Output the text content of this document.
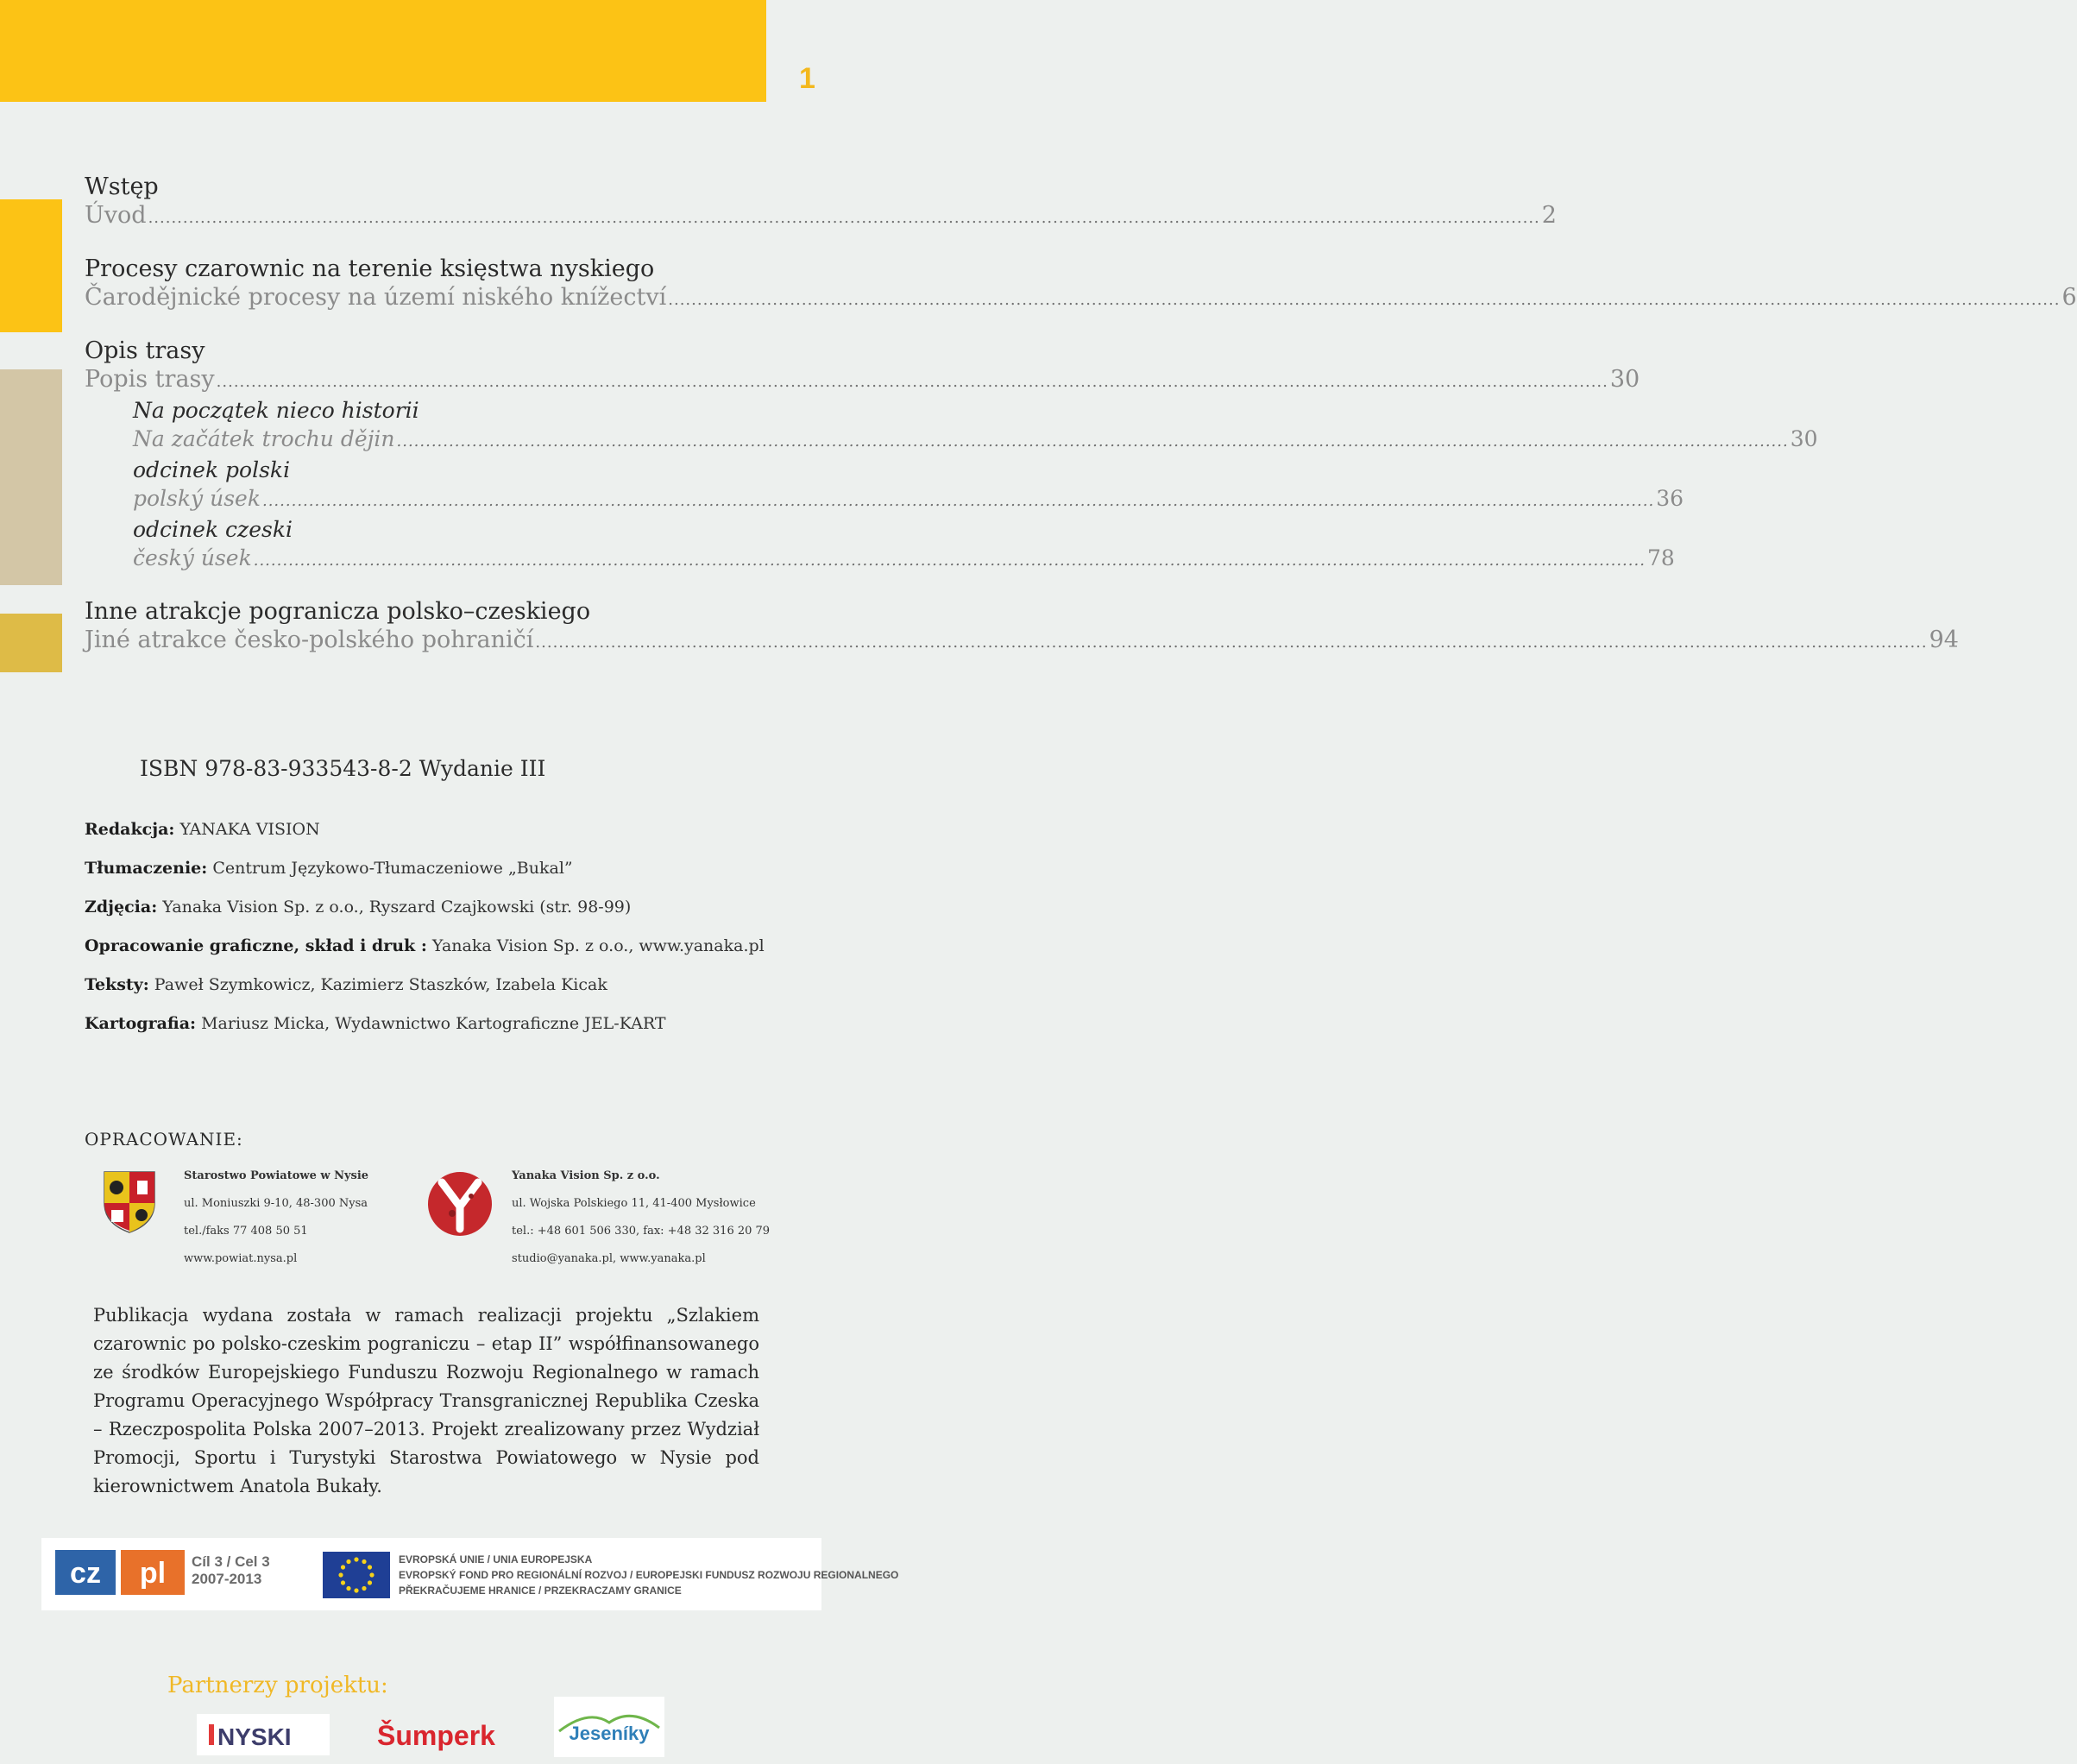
1
Wstęp
Úvod .....	2
Procesy czarownic na terenie księstwa nyskiego
Čarodějnické procesy na území niského knížectví .....	6
Opis trasy
Popis trasy .....	30
Na początek nieco historii
Na začátek trochu dějin .....	30
odcinek polski
polský úsek .....	36
odcinek czeski
český úsek .....	78
Inne atrakcje pogranicza polsko–czeskiego
Jiné atrakce česko-polského pohraničí .....	94
ISBN 978-83-933543-8-2 Wydanie III
Redakcja: YANAKA VISION
Tłumaczenie: Centrum Językowo-Tłumaczeniowe „Bukal”
Zdjęcia: Yanaka Vision Sp. z o.o., Ryszard Czajkowski (str. 98-99)
Opracowanie graficzne, skład i druk : Yanaka Vision Sp. z o.o., www.yanaka.pl
Teksty: Paweł Szymkowicz, Kazimierz Staszków, Izabela Kicak
Kartografia: Mariusz Micka, Wydawnictwo Kartograficzne JEL-KART
OPRACOWANIE:
Starostwo Powiatowe w Nysie
ul. Moniuszki 9-10, 48-300 Nysa
tel./faks 77 408 50 51
www.powiat.nysa.pl
Yanaka Vision Sp. z o.o.
ul. Wojska Polskiego 11, 41-400 Mysłowice
tel.: +48 601 506 330, fax: +48 32 316 20 79
studio@yanaka.pl, www.yanaka.pl
Publikacja wydana została w ramach realizacji projektu „Szlakiem czarownic po polsko-czeskim pograniczu – etap II” współfinansowanego ze środków Europejskiego Funduszu Rozwoju Regionalnego w ramach Programu Operacyjnego Współpracy Transgranicznej Republika Czeska – Rzeczpospolita Polska 2007–2013. Projekt zrealizowany przez Wydział Promocji, Sportu i Turystyki Starostwa Powiatowego w Nysie pod kierownictwem Anatola Bukały.
cz pl Cíl 3 / Cel 3
2007-2013
EVROPSKÁ UNIE / UNIA EUROPEJSKA
EVROPSKÝ FOND PRO REGIONÁLNÍ ROZVOJ / EUROPEJSKI FUNDUSZ ROZWOJU REGIONALNEGO
PŘEKRAČUJEME HRANICE / PRZEKRACZAMY GRANICE
Partnerzy projektu:
NYSKI	Šumperk	Jeseníky
